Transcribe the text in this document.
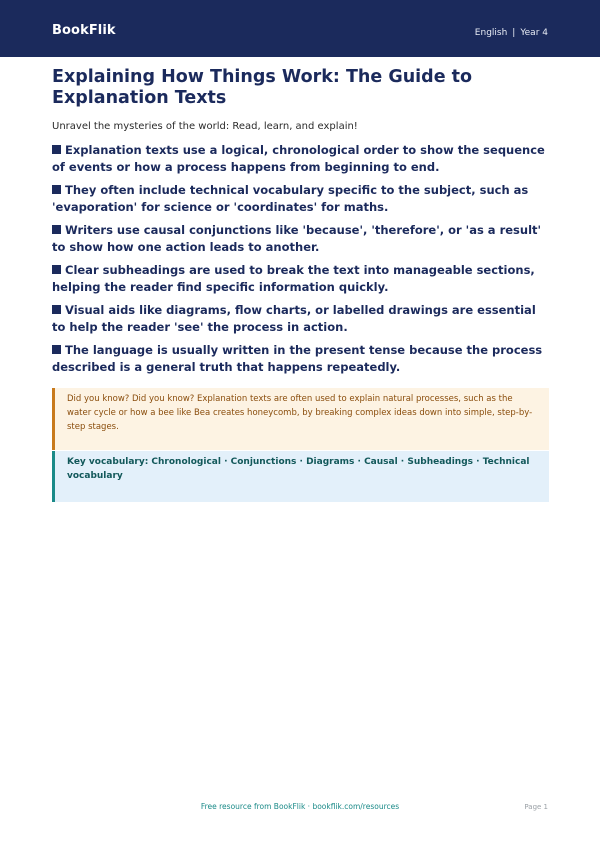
BookFlik	English | Year 4
Explaining How Things Work: The Guide to Explanation Texts
Unravel the mysteries of the world: Read, learn, and explain!
Explanation texts use a logical, chronological order to show the sequence of events or how a process happens from beginning to end.
They often include technical vocabulary specific to the subject, such as 'evaporation' for science or 'coordinates' for maths.
Writers use causal conjunctions like 'because', 'therefore', or 'as a result' to show how one action leads to another.
Clear subheadings are used to break the text into manageable sections, helping the reader find specific information quickly.
Visual aids like diagrams, flow charts, or labelled drawings are essential to help the reader 'see' the process in action.
The language is usually written in the present tense because the process described is a general truth that happens repeatedly.
Did you know? Did you know? Explanation texts are often used to explain natural processes, such as the water cycle or how a bee like Bea creates honeycomb, by breaking complex ideas down into simple, step-by-step stages.
Key vocabulary: Chronological · Conjunctions · Diagrams · Causal · Subheadings · Technical vocabulary
Free resource from BookFlik · bookflik.com/resources	Page 1
